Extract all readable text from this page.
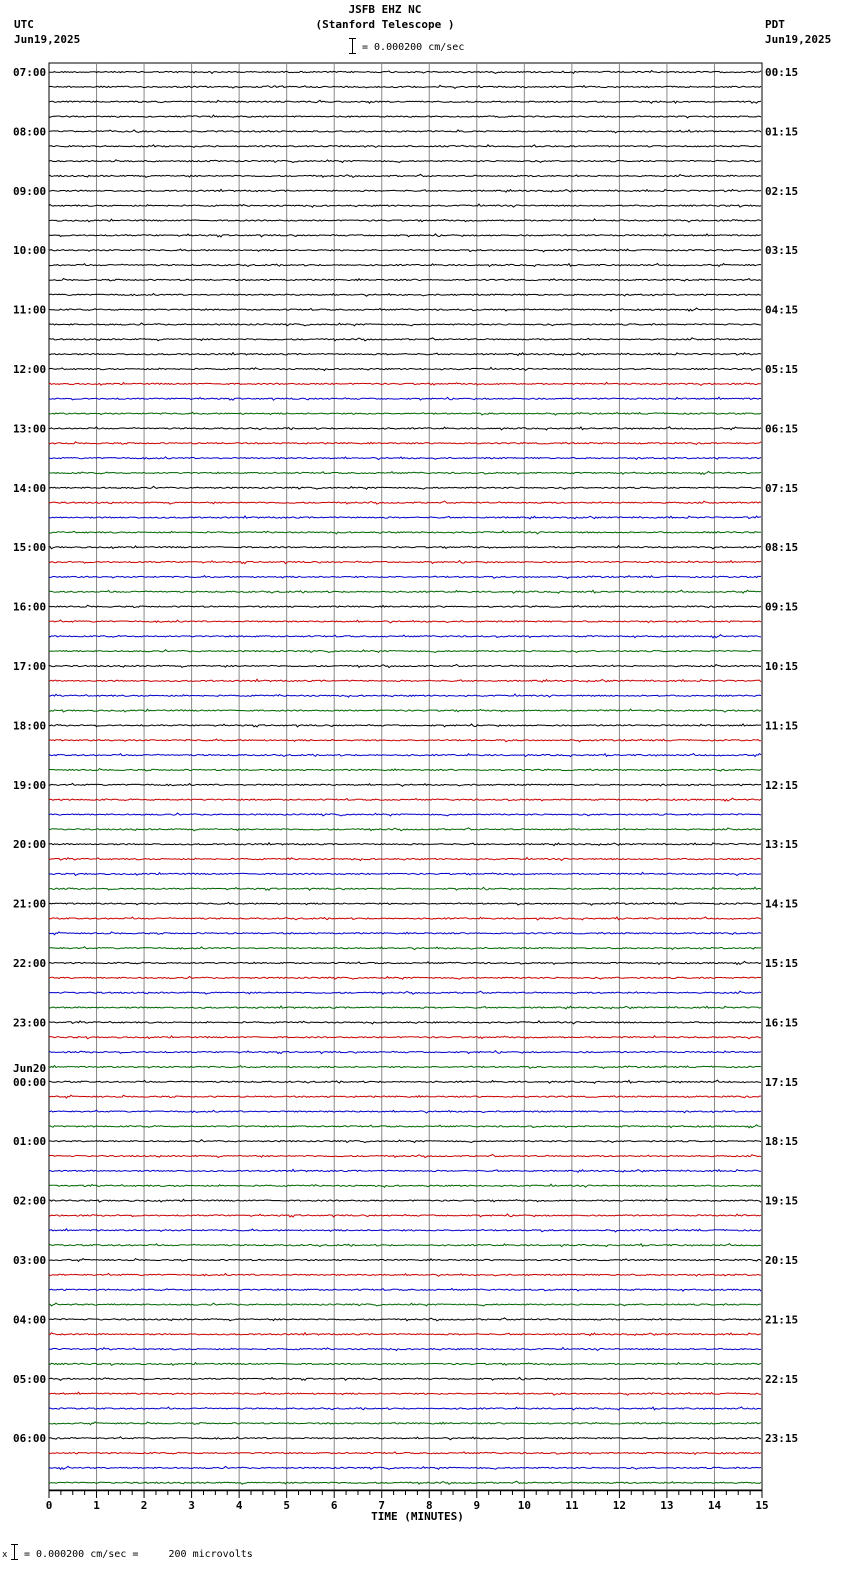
JSFB EHZ NC
(Stanford Telescope )
= 0.000200 cm/sec
UTC
Jun19,2025
PDT
Jun19,2025
0	1	2	3	4	5	6	7	8	9	10	11	12	13	14	15
TIME (MINUTES)
07:00	00:15
08:00	01:15
09:00	02:15
10:00	03:15
11:00	04:15
12:00	05:15
13:00	06:15
14:00	07:15
15:00	08:15
16:00	09:15
17:00	10:15
18:00	11:15
19:00	12:15
20:00	13:15
21:00	14:15
22:00	15:15
23:00	16:15
00:00	17:15
Jun20
01:00	18:15
02:00	19:15
03:00	20:15
04:00	21:15
05:00	22:15
06:00	23:15
x = 0.000200 cm/sec =     200 microvolts
